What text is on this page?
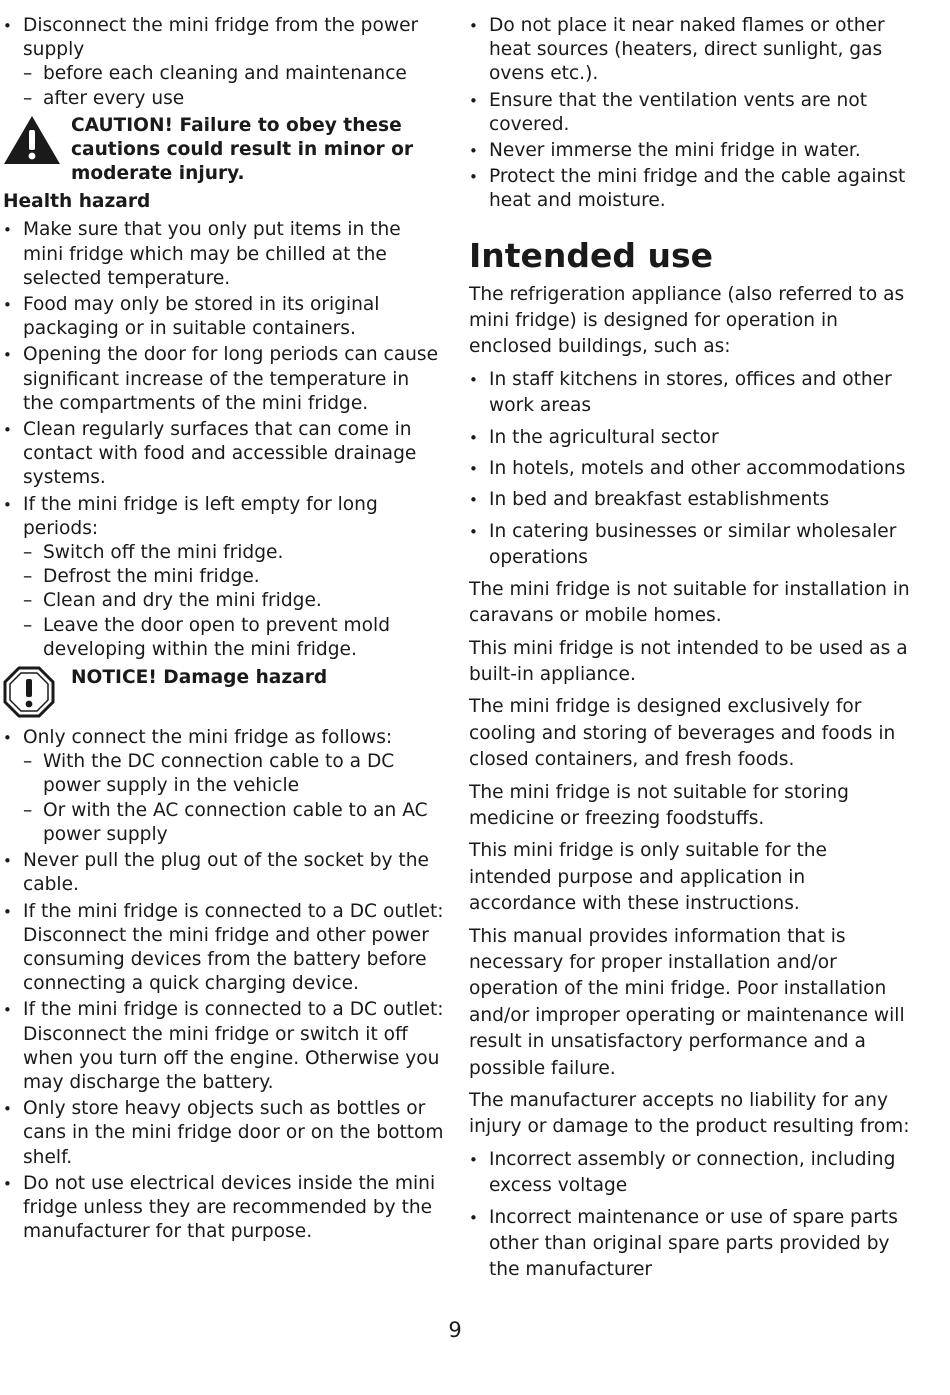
• Disconnect the mini fridge from the power supply
– before each cleaning and maintenance
– after every use
CAUTION! Failure to obey these cautions could result in minor or moderate injury.
Health hazard
• Make sure that you only put items in the mini fridge which may be chilled at the selected temperature.
• Food may only be stored in its original packaging or in suitable containers.
• Opening the door for long periods can cause significant increase of the temperature in the compartments of the mini fridge.
• Clean regularly surfaces that can come in contact with food and accessible drainage systems.
• If the mini fridge is left empty for long periods:
– Switch off the mini fridge.
– Defrost the mini fridge.
– Clean and dry the mini fridge.
– Leave the door open to prevent mold developing within the mini fridge.
NOTICE! Damage hazard
• Only connect the mini fridge as follows:
– With the DC connection cable to a DC power supply in the vehicle
– Or with the AC connection cable to an AC power supply
• Never pull the plug out of the socket by the cable.
• If the mini fridge is connected to a DC outlet: Disconnect the mini fridge and other power consuming devices from the battery before connecting a quick charging device.
• If the mini fridge is connected to a DC outlet: Disconnect the mini fridge or switch it off when you turn off the engine. Otherwise you may discharge the battery.
• Only store heavy objects such as bottles or cans in the mini fridge door or on the bottom shelf.
• Do not use electrical devices inside the mini fridge unless they are recommended by the manufacturer for that purpose.
• Do not place it near naked flames or other heat sources (heaters, direct sunlight, gas ovens etc.).
• Ensure that the ventilation vents are not covered.
• Never immerse the mini fridge in water.
• Protect the mini fridge and the cable against heat and moisture.
Intended use

The refrigeration appliance (also referred to as mini fridge) is designed for operation in enclosed buildings, such as:

• In staff kitchens in stores, offices and other work areas
• In the agricultural sector
• In hotels, motels and other accommodations
• In bed and breakfast establishments
• In catering businesses or similar wholesaler operations

The mini fridge is not suitable for installation in caravans or mobile homes.

This mini fridge is not intended to be used as a built-in appliance.

The mini fridge is designed exclusively for cooling and storing of beverages and foods in closed containers, and fresh foods.

The mini fridge is not suitable for storing medicine or freezing foodstuffs.

This mini fridge is only suitable for the intended purpose and application in accordance with these instructions.

This manual provides information that is necessary for proper installation and/or operation of the mini fridge. Poor installation and/or improper operating or maintenance will result in unsatisfactory performance and a possible failure.

The manufacturer accepts no liability for any injury or damage to the product resulting from:

• Incorrect assembly or connection, including excess voltage
• Incorrect maintenance or use of spare parts other than original spare parts provided by the manufacturer
9
